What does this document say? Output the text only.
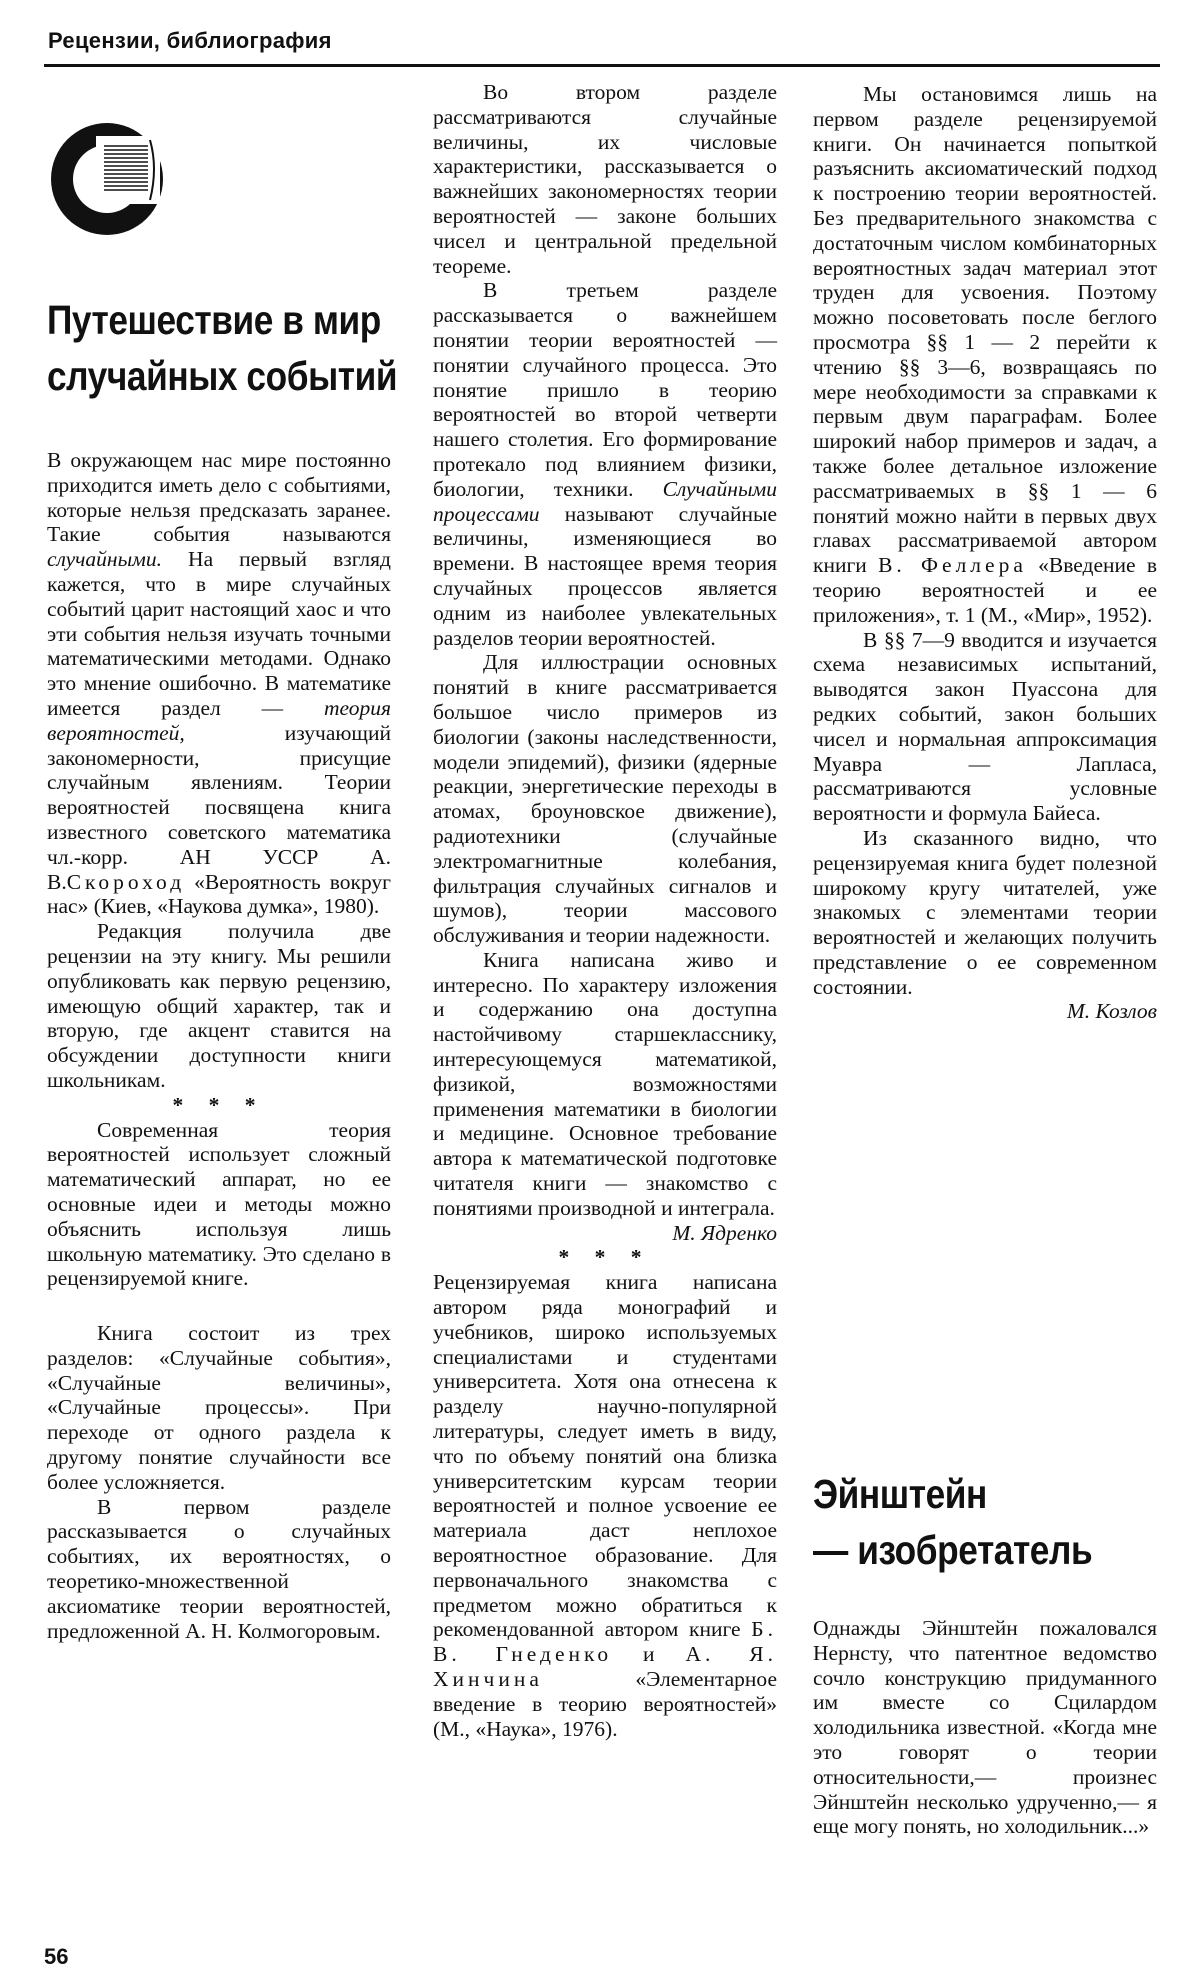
Рецензии, библиография
Путешествие в мир
случайных событий

В окружающем нас мире постоянно приходится иметь дело с событиями, которые нельзя предсказать заранее. Такие события называются случайными. На первый взгляд кажется, что в мире случайных событий царит настоящий хаос и что эти события нельзя изучать точными математическими методами. Однако это мнение ошибочно. В математике имеется раздел — теория вероятностей, изучающий закономерности, присущие случайным явлениям. Теории вероятностей посвящена книга известного советского математика чл.-корр. АН УССР А. В.Скороход «Вероятность вокруг нас» (Киев, «Наукова думка», 1980).

Редакция получила две рецензии на эту книгу. Мы решили опубликовать как первую рецензию, имеющую общий характер, так и вторую, где акцент ставится на обсуждении доступности книги школьникам.

* * *

Современная теория вероятностей использует сложный математический аппарат, но ее основные идеи и методы можно объяснить используя лишь школьную математику. Это сделано в рецензируемой книге.

Книга состоит из трех разделов: «Случайные события», «Случайные величины», «Случайные процессы». При переходе от одного раздела к другому понятие случайности все более усложняется.

В первом разделе рассказывается о случайных событиях, их вероятностях, о теоретико-множественной аксиоматике теории вероятностей, предложенной А. Н. Колмогоровым.

Во втором разделе рассматриваются случайные величины, их числовые характеристики, рассказывается о важнейших закономерностях теории вероятностей — законе больших чисел и центральной предельной теореме.

В третьем разделе рассказывается о важнейшем понятии теории вероятностей — понятии случайного процесса. Это понятие пришло в теорию вероятностей во второй четверти нашего столетия. Его формирование протекало под влиянием физики, биологии, техники. Случайными процессами называют случайные величины, изменяющиеся во времени. В настоящее время теория случайных процессов является одним из наиболее увлекательных разделов теории вероятностей.

Для иллюстрации основных понятий в книге рассматривается большое число примеров из биологии (законы наследственности, модели эпидемий), физики (ядерные реакции, энергетические переходы в атомах, броуновское движение), радиотехники (случайные электромагнитные колебания, фильтрация случайных сигналов и шумов), теории массового обслуживания и теории надежности.

Книга написана живо и интересно. По характеру изложения и содержанию она доступна настойчивому старшекласснику, интересующемуся математикой, физикой, возможностями применения математики в биологии и медицине. Основное требование автора к математической подготовке читателя книги — знакомство с понятиями производной и интеграла.

М. Ядренко

* * *

Рецензируемая книга написана автором ряда монографий и учебников, широко используемых специалистами и студентами университета. Хотя она отнесена к разделу научно-популярной литературы, следует иметь в виду, что по объему понятий она близка университетским курсам теории вероятностей и полное усвоение ее материала даст неплохое вероятностное образование. Для первоначального знакомства с предметом можно обратиться к рекомендованной автором книге Б. В. Гнеденко и А. Я. Хинчина «Элементарное введение в теорию вероятностей» (М., «Наука», 1976).

Мы остановимся лишь на первом разделе рецензируемой книги. Он начинается попыткой разъяснить аксиоматический подход к построению теории вероятностей. Без предварительного знакомства с достаточным числом комбинаторных вероятностных задач материал этот труден для усвоения. Поэтому можно посоветовать после беглого просмотра §§ 1 — 2 перейти к чтению §§ 3—6, возвращаясь по мере необходимости за справками к первым двум параграфам. Более широкий набор примеров и задач, а также более детальное изложение рассматриваемых в §§ 1 — 6 понятий можно найти в первых двух главах рассматриваемой автором книги В. Феллера «Введение в теорию вероятностей и ее приложения», т. 1 (М., «Мир», 1952).

В §§ 7—9 вводится и изучается схема независимых испытаний, выводятся закон Пуассона для редких событий, закон больших чисел и нормальная аппроксимация Муавра — Лапласа, рассматриваются условные вероятности и формула Байеса.

Из сказанного видно, что рецензируемая книга будет полезной широкому кругу читателей, уже знакомых с элементами теории вероятностей и желающих получить представление о ее современном состоянии.

М. Козлов

Эйнштейн
— изобретатель

Однажды Эйнштейн пожаловался Нернсту, что патентное ведомство сочло конструкцию придуманного им вместе со Сцилардом холодильника известной. «Когда мне это говорят о теории относительности,— произнес Эйнштейн несколько удрученно,— я еще могу понять, но холодильник...»

56
